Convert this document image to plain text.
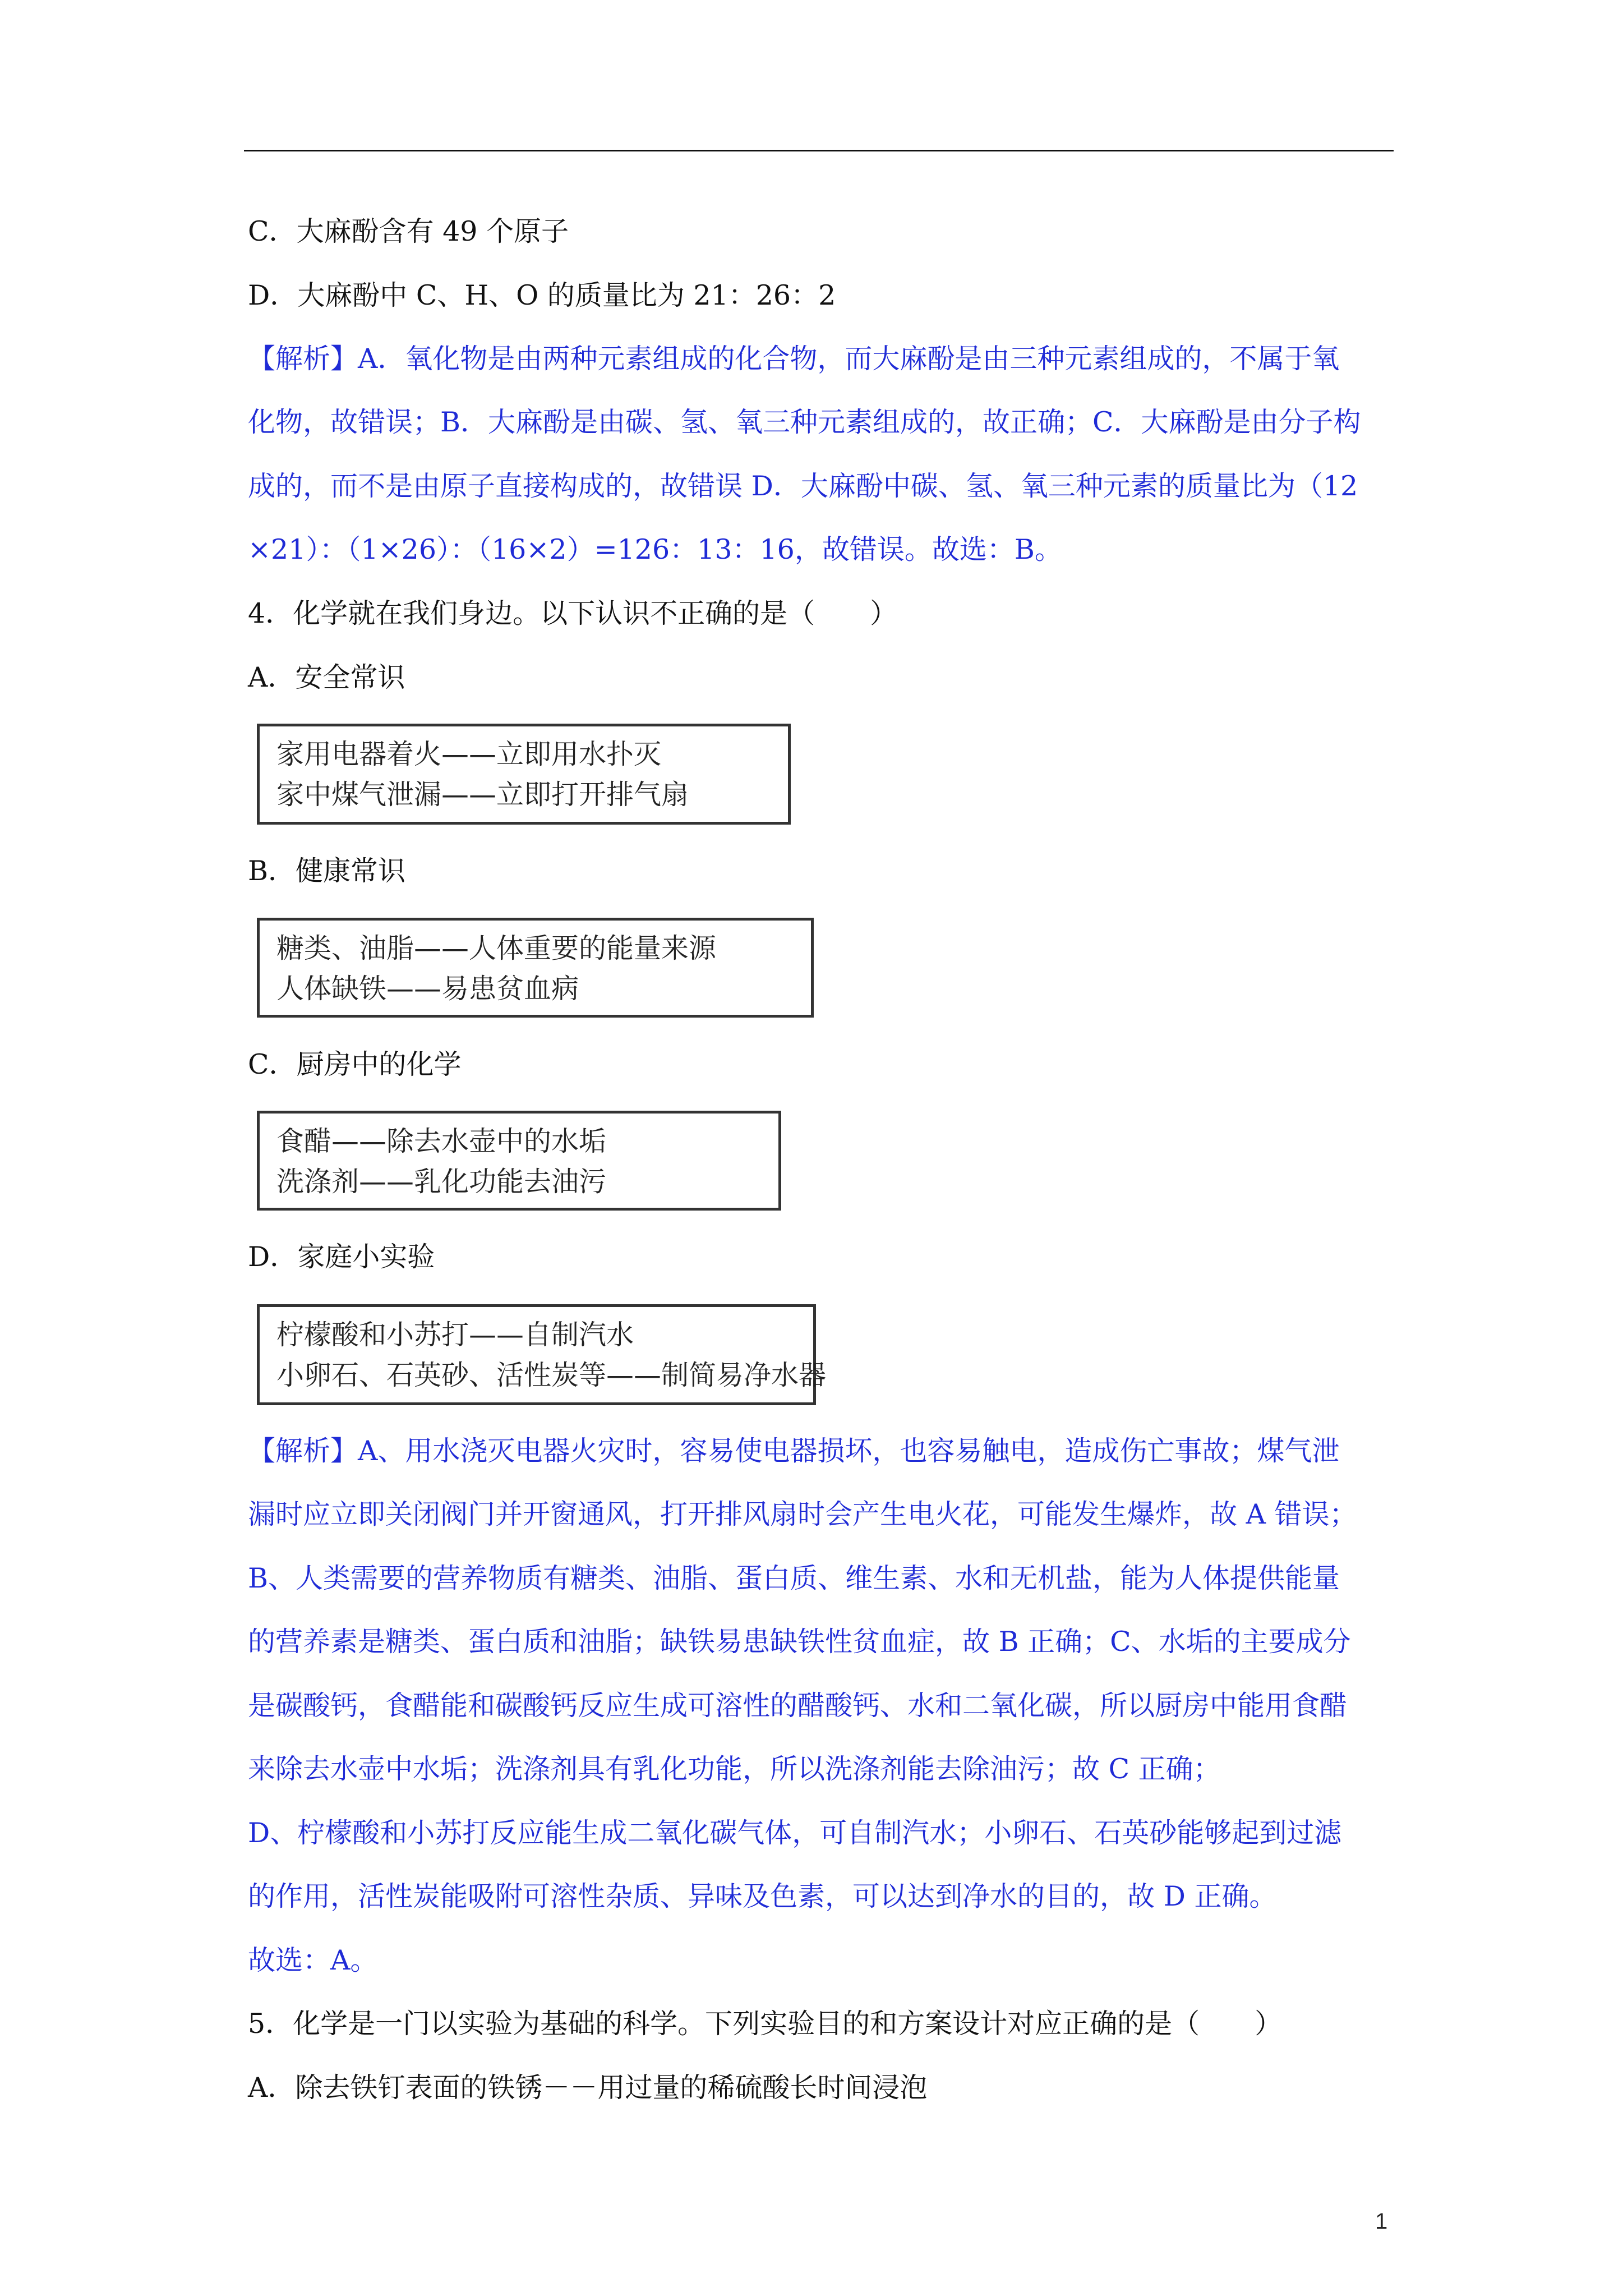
C．大麻酚含有 49 个原子
D．大麻酚中 C、H、O 的质量比为 21：26：2
【解析】A．氧化物是由两种元素组成的化合物，而大麻酚是由三种元素组成的，不属于氧
化物，故错误；B．大麻酚是由碳、氢、氧三种元素组成的，故正确；C．大麻酚是由分子构
成的，而不是由原子直接构成的，故错误 D．大麻酚中碳、氢、氧三种元素的质量比为（12
×21）：（1×26）：（16×2）=126：13：16，故错误。故选：B。
4．化学就在我们身边。以下认识不正确的是（　　）
A．安全常识
家用电器着火——立即用水扑灭
家中煤气泄漏——立即打开排气扇
B．健康常识
糖类、油脂——人体重要的能量来源
人体缺铁——易患贫血病
C．厨房中的化学
食醋——除去水壶中的水垢
洗涤剂——乳化功能去油污
D．家庭小实验
柠檬酸和小苏打——自制汽水
小卵石、石英砂、活性炭等——制简易净水器
【解析】A、用水浇灭电器火灾时，容易使电器损坏，也容易触电，造成伤亡事故；煤气泄
漏时应立即关闭阀门并开窗通风，打开排风扇时会产生电火花，可能发生爆炸，故 A 错误；
B、人类需要的营养物质有糖类、油脂、蛋白质、维生素、水和无机盐，能为人体提供能量
的营养素是糖类、蛋白质和油脂；缺铁易患缺铁性贫血症，故 B 正确；C、水垢的主要成分
是碳酸钙，食醋能和碳酸钙反应生成可溶性的醋酸钙、水和二氧化碳，所以厨房中能用食醋
来除去水壶中水垢；洗涤剂具有乳化功能，所以洗涤剂能去除油污；故 C 正确；
D、柠檬酸和小苏打反应能生成二氧化碳气体，可自制汽水；小卵石、石英砂能够起到过滤
的作用，活性炭能吸附可溶性杂质、异味及色素，可以达到净水的目的，故 D 正确。
故选：A。
5．化学是一门以实验为基础的科学。下列实验目的和方案设计对应正确的是（　　）
A．除去铁钉表面的铁锈－－用过量的稀硫酸长时间浸泡
1
